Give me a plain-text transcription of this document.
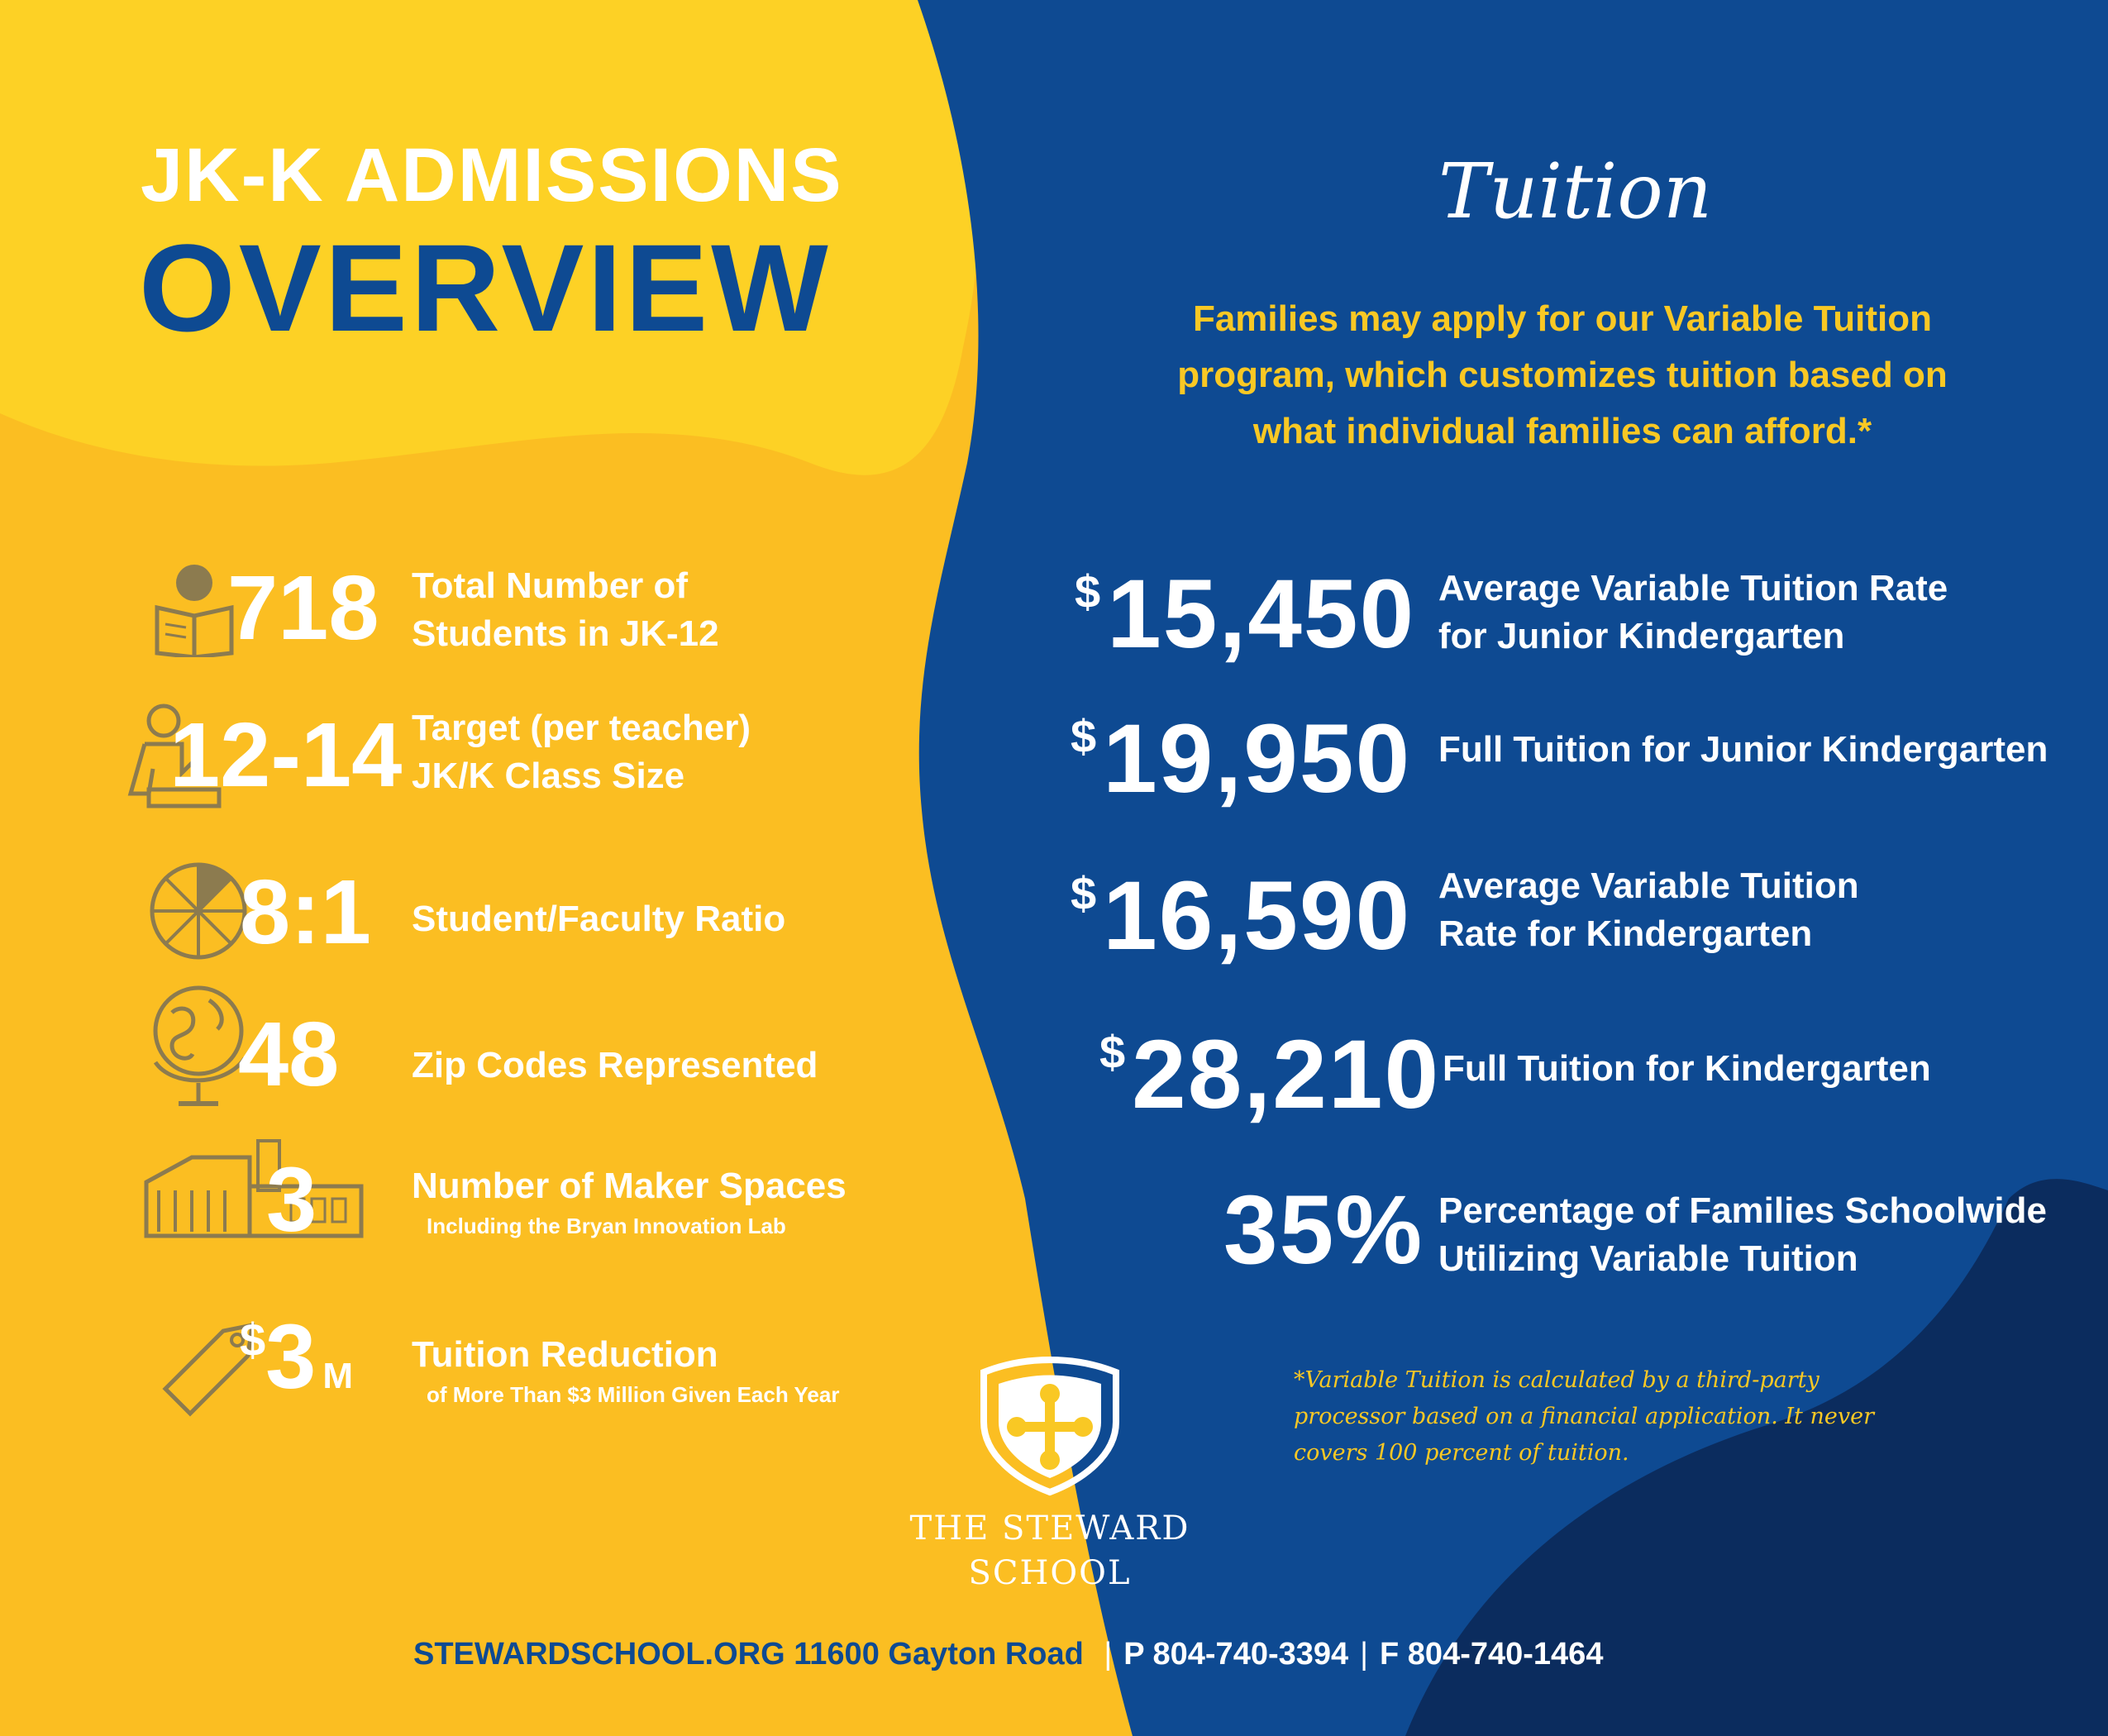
JK-K ADMISSIONS
OVERVIEW
718 Total Number of
Students in JK-12
12-14 Target (per teacher)
JK/K Class Size
8:1 Student/Faculty Ratio
48 Zip Codes Represented
3	Number of Maker Spaces
Including the Bryan Innovation Lab
$3 M
Tuition Reduction
of More Than $3 Million Given Each Year
Tuition
Families may apply for our Variable Tuition program, which customizes tuition based on what individual families can afford.*
$15,450 Average Variable Tuition Rate
for Junior Kindergarten
$19,950 Full Tuition for Junior Kindergarten
$16,590 Average Variable Tuition
Rate for Kindergarten
$28,210 Full Tuition for Kindergarten
35% Percentage of Families Schoolwide
Utilizing Variable Tuition
*Variable Tuition is calculated by a third-party processor based on a financial application. It never covers 100 percent of tuition.
THE STEWARD
SCHOOL
STEWARDSCHOOL.ORG 11600 Gayton Road | P 804-740-3394 | F 804-740-1464
